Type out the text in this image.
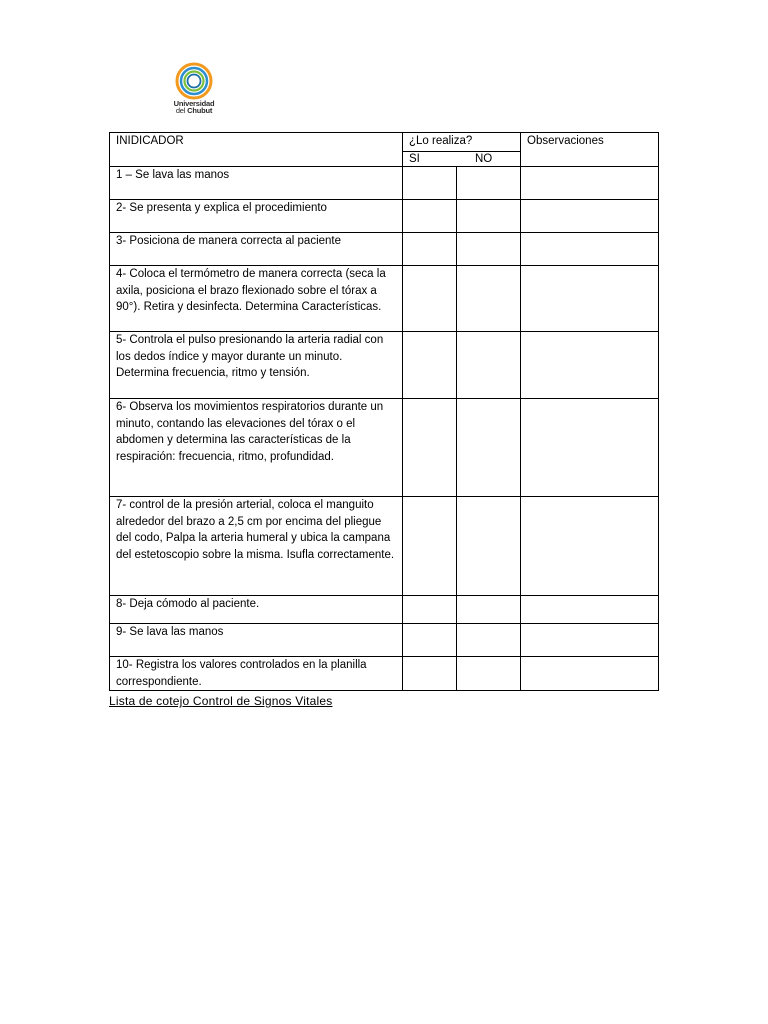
Universidad
del Chubut
INIDICADOR	¿Lo realiza?		Observaciones

	SI NO		

1 – Se lava las manos			
2- Se presenta y explica el procedimiento			
3- Posiciona de manera correcta al paciente			
4- Coloca el termómetro de manera correcta (seca la axila, posiciona el brazo flexionado sobre el tórax a 90°). Retira y desinfecta. Determina Características.			
5- Controla el pulso presionando la arteria radial con los dedos índice y mayor durante un minuto. Determina frecuencia, ritmo y tensión.			
6- Observa los movimientos respiratorios durante un minuto, contando las elevaciones del tórax o el abdomen y determina las características de la respiración: frecuencia, ritmo, profundidad.			
7- control de la presión arterial, coloca el manguito alrededor del brazo a 2,5 cm por encima del pliegue del codo, Palpa la arteria humeral y ubica la campana del estetoscopio sobre la misma. Isufla correctamente.			
8- Deja cómodo al paciente.			
9- Se lava las manos			
10- Registra los valores controlados en la planilla correspondiente.			
Lista de cotejo Control de Signos Vitales
